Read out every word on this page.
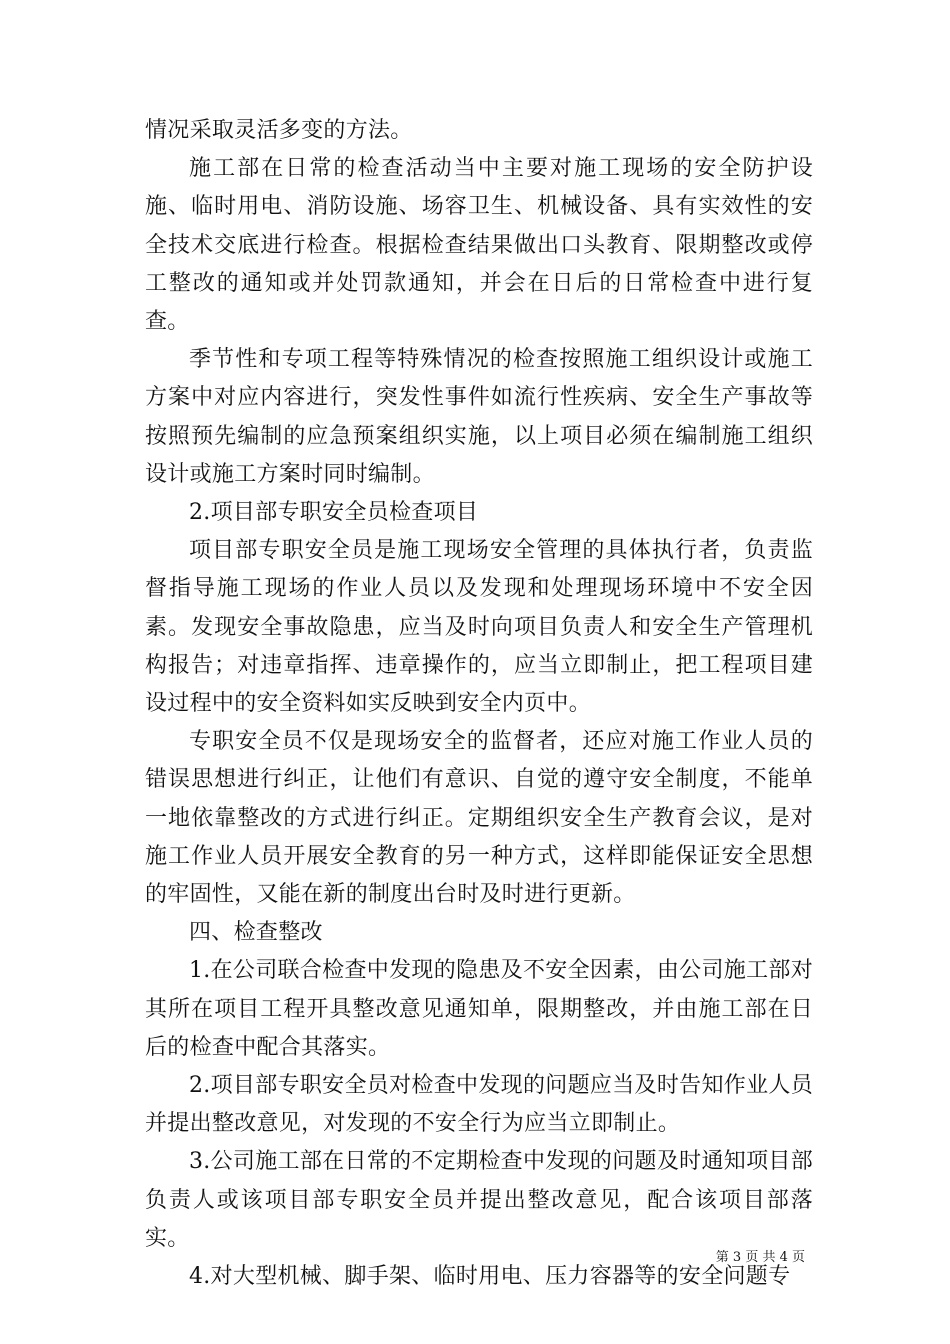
情况采取灵活多变的方法。

施工部在日常的检查活动当中主要对施工现场的安全防护设施、临时用电、消防设施、场容卫生、机械设备、具有实效性的安全技术交底进行检查。根据检查结果做出口头教育、限期整改或停工整改的通知或并处罚款通知，并会在日后的日常检查中进行复查。

季节性和专项工程等特殊情况的检查按照施工组织设计或施工方案中对应内容进行，突发性事件如流行性疾病、安全生产事故等按照预先编制的应急预案组织实施，以上项目必须在编制施工组织设计或施工方案时同时编制。

2.项目部专职安全员检查项目

项目部专职安全员是施工现场安全管理的具体执行者，负责监督指导施工现场的作业人员以及发现和处理现场环境中不安全因素。发现安全事故隐患，应当及时向项目负责人和安全生产管理机构报告；对违章指挥、违章操作的，应当立即制止，把工程项目建设过程中的安全资料如实反映到安全内页中。

专职安全员不仅是现场安全的监督者，还应对施工作业人员的错误思想进行纠正，让他们有意识、自觉的遵守安全制度，不能单一地依靠整改的方式进行纠正。定期组织安全生产教育会议，是对施工作业人员开展安全教育的另一种方式，这样即能保证安全思想的牢固性，又能在新的制度出台时及时进行更新。

四、检查整改

1.在公司联合检查中发现的隐患及不安全因素，由公司施工部对其所在项目工程开具整改意见通知单，限期整改，并由施工部在日后的检查中配合其落实。

2.项目部专职安全员对检查中发现的问题应当及时告知作业人员并提出整改意见，对发现的不安全行为应当立即制止。

3.公司施工部在日常的不定期检查中发现的问题及时通知项目部负责人或该项目部专职安全员并提出整改意见，配合该项目部落实。

4.对大型机械、脚手架、临时用电、压力容器等的安全问题专

第 3 页 共 4 页
